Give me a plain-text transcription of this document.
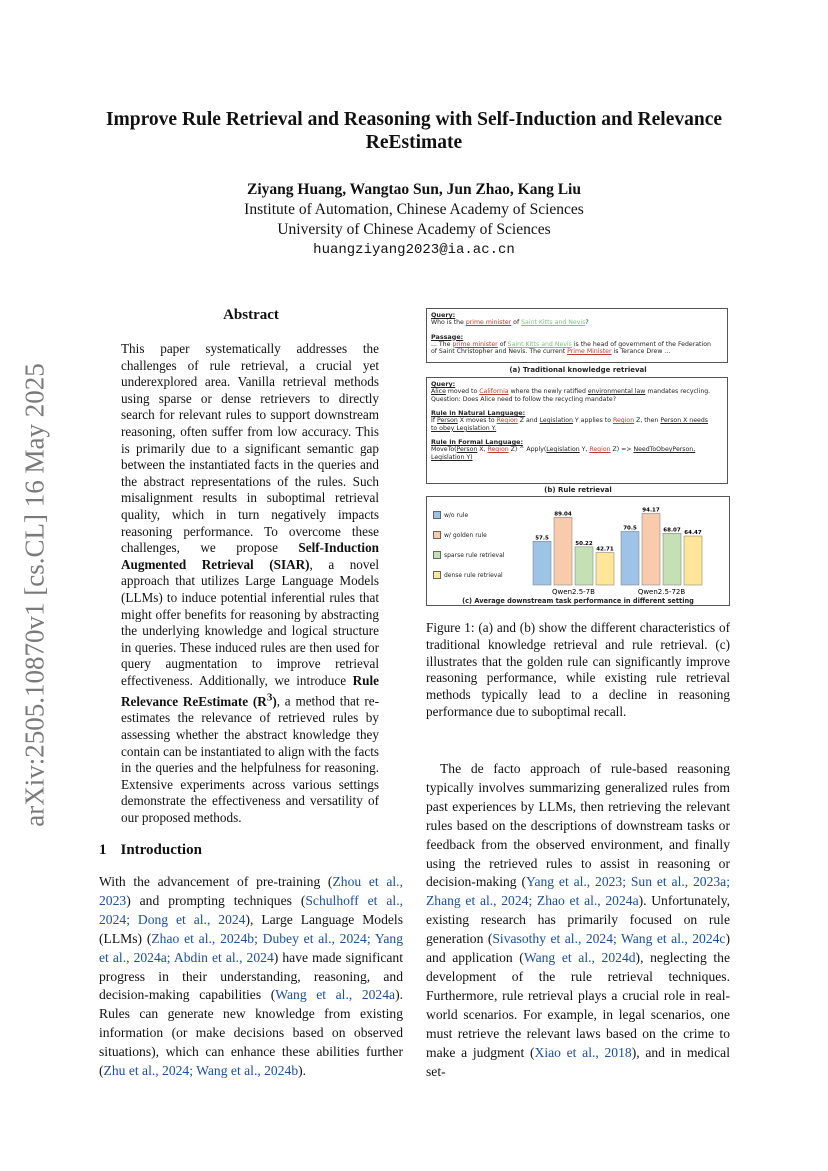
Improve Rule Retrieval and Reasoning with Self-Induction and Relevance ReEstimate
Ziyang Huang, Wangtao Sun, Jun Zhao, Kang Liu
Institute of Automation, Chinese Academy of Sciences
University of Chinese Academy of Sciences
huangziyang2023@ia.ac.cn
arXiv:2505.10870v1 [cs.CL] 16 May 2025
Abstract
This paper systematically addresses the challenges of rule retrieval, a crucial yet underexplored area. Vanilla retrieval methods using sparse or dense retrievers to directly search for relevant rules to support downstream reasoning, often suffer from low accuracy. This is primarily due to a significant semantic gap between the instantiated facts in the queries and the abstract representations of the rules. Such misalignment results in suboptimal retrieval quality, which in turn negatively impacts reasoning performance. To overcome these challenges, we propose Self-Induction Augmented Retrieval (SIAR), a novel approach that utilizes Large Language Models (LLMs) to induce potential inferential rules that might offer benefits for reasoning by abstracting the underlying knowledge and logical structure in queries. These induced rules are then used for query augmentation to improve retrieval effectiveness. Additionally, we introduce Rule Relevance ReEstimate $(R^3)$, a method that re-estimates the relevance of retrieved rules by assessing whether the abstract knowledge they contain can be instantiated to align with the facts in the queries and the helpfulness for reasoning. Extensive experiments across various settings demonstrate the effectiveness and versatility of our proposed methods.
1 Introduction
With the advancement of pre-training (Zhou et al., 2023) and prompting techniques (Schulhoff et al., 2024; Dong et al., 2024), Large Language Models (LLMs) (Zhao et al., 2024b; Dubey et al., 2024; Yang et al., 2024a; Abdin et al., 2024) have made significant progress in their understanding, reasoning, and decision-making capabilities (Wang et al., 2024a). Rules can generate new knowledge from existing information (or make decisions based on observed situations), which can enhance these abilities further (Zhu et al., 2024; Wang et al., 2024b).
Query:
Who is the prime minister of Saint Kitts and Nevis?
Passage:
... The prime minister of Saint Kitts and Nevis is the head of government of the Federation
of Saint Christopher and Nevis. The current Prime Minister is Terance Drew ...
(a) Traditional knowledge retrieval
Query:
Alice moved to California where the newly ratified environmental law mandates recycling.
Question: Does Alice need to follow the recycling mandate?
Rule in Natural Language:
If Person X moves to Region Z and Legislation Y applies to Region Z, then Person X needs
to obey Legislation Y.
Rule in Formal Language:
MoveTo(Person X, Region Z) ^ Apply(Legislation Y, Region Z) => NeedToObeyPerson,
Legislation Y)
(b) Rule retrieval
w/o rule
w/ golden rule
sparse rule retrieval
dense rule retrieval
57.5
89.04
50.22
42.71
Qwen2.5-7B
70.5
94.17
68.07 64.47
Qwen2.5-72B
(c) Average downstream task performance in different setting
Figure 1: (a) and (b) show the different characteristics of traditional knowledge retrieval and rule retrieval. (c) illustrates that the golden rule can significantly improve reasoning performance, while existing rule retrieval methods typically lead to a decline in reasoning performance due to suboptimal recall.
The de facto approach of rule-based reasoning typically involves summarizing generalized rules from past experiences by LLMs, then retrieving the relevant rules based on the descriptions of downstream tasks or feedback from the observed environment, and finally using the retrieved rules to assist in reasoning or decision-making (Yang et al., 2023; Sun et al., 2023a; Zhang et al., 2024; Zhao et al., 2024a). Unfortunately, existing research has primarily focused on rule generation (Sivasothy et al., 2024; Wang et al., 2024c) and application (Wang et al., 2024d), neglecting the development of the rule retrieval techniques. Furthermore, rule retrieval plays a crucial role in real-world scenarios. For example, in legal scenarios, one must retrieve the relevant laws based on the crime to make a judgment (Xiao et al., 2018), and in medical set-
